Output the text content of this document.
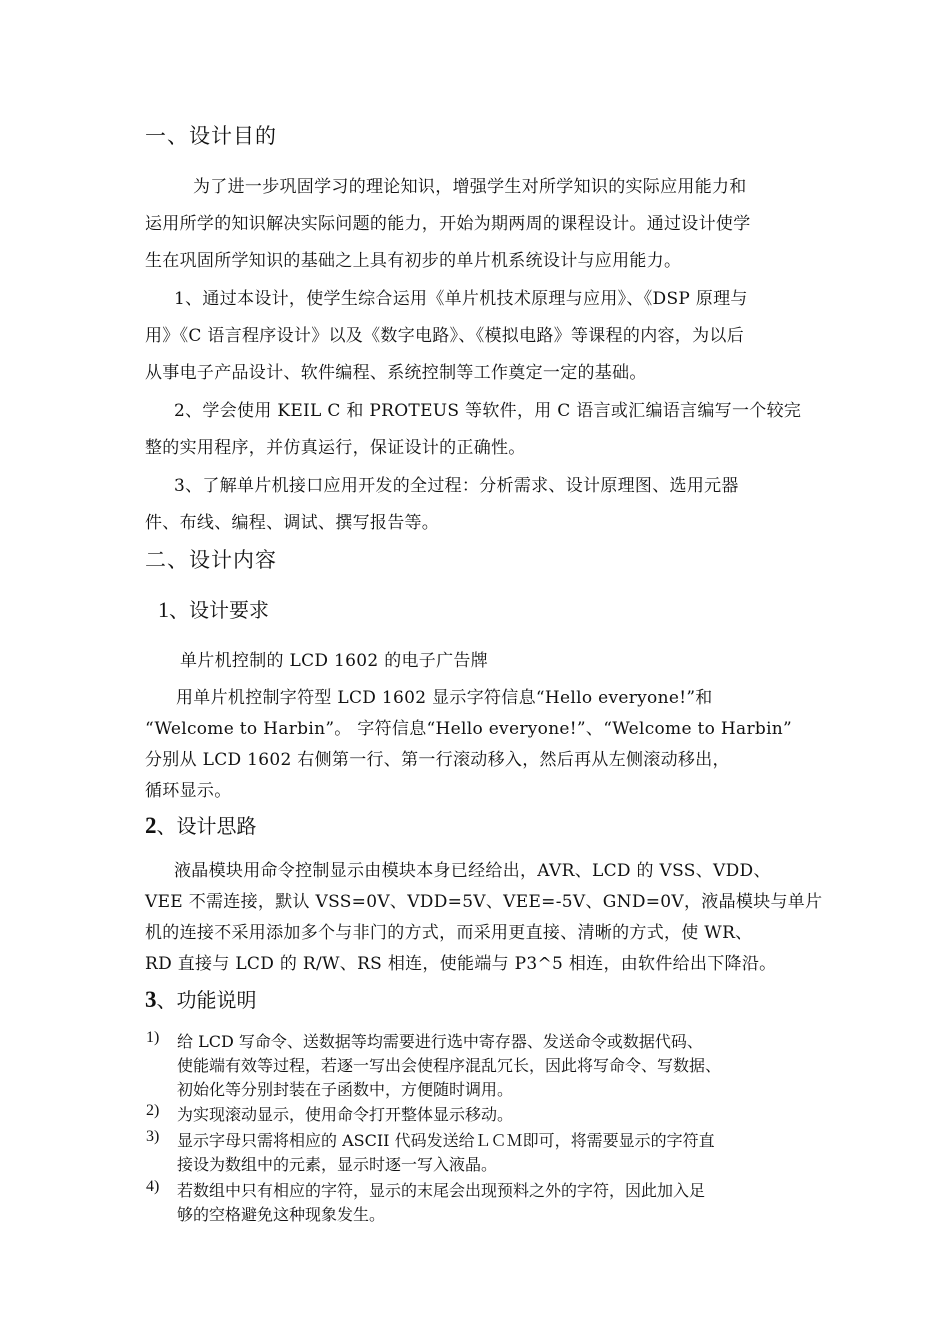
一、设计目的
为了进一步巩固学习的理论知识，增强学生对所学知识的实际应用能力和
运用所学的知识解决实际问题的能力，开始为期两周的课程设计。通过设计使学
生在巩固所学知识的基础之上具有初步的单片机系统设计与应用能力。
1、通过本设计，使学生综合运用《单片机技术原理与应用》、《DSP 原理与
用》《C 语言程序设计》以及《数字电路》、《模拟电路》等课程的内容，为以后
从事电子产品设计、软件编程、系统控制等工作奠定一定的基础。
2、学会使用 KEIL C 和 PROTEUS 等软件，用 C 语言或汇编语言编写一个较完
整的实用程序，并仿真运行，保证设计的正确性。
3、了解单片机接口应用开发的全过程：分析需求、设计原理图、选用元器
件、布线、编程、调试、撰写报告等。
二、设计内容
1、设计要求
单片机控制的 LCD 1602 的电子广告牌
用单片机控制字符型 LCD 1602 显示字符信息“Hello everyone!”和
“Welcome to Harbin”。 字符信息“Hello everyone!”、“Welcome to Harbin”
分别从 LCD 1602 右侧第一行、第一行滚动移入，然后再从左侧滚动移出，
循环显示。
2、设计思路
液晶模块用命令控制显示由模块本身已经给出，AVR、LCD 的 VSS、VDD、
VEE 不需连接，默认 VSS=0V、VDD=5V、VEE=-5V、GND=0V，液晶模块与单片
机的连接不采用添加多个与非门的方式，而采用更直接、清晰的方式，使 WR、
RD 直接与 LCD 的 R/W、RS 相连，使能端与 P3^5 相连，由软件给出下降沿。
3、功能说明
1) 给 LCD 写命令、送数据等均需要进行选中寄存器、发送命令或数据代码、
使能端有效等过程，若逐一写出会使程序混乱冗长，因此将写命令、写数据、
初始化等分别封装在子函数中，方便随时调用。
2) 为实现滚动显示，使用命令打开整体显示移动。
3) 显示字母只需将相应的 ASCII 代码发送给ＬＣＭ即可，将需要显示的字符直
接设为数组中的元素，显示时逐一写入液晶。
4) 若数组中只有相应的字符，显示的末尾会出现预料之外的字符，因此加入足
够的空格避免这种现象发生。
